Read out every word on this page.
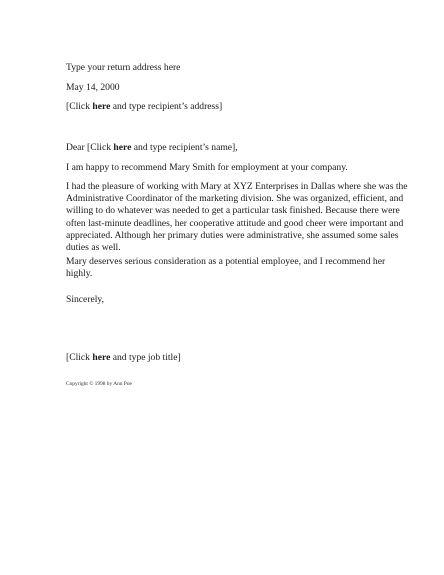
Type your return address here

May 14, 2000

[Click here and type recipient’s address]

Dear [Click here and type recipient’s name],

I am happy to recommend Mary Smith for employment at your company.

I had the pleasure of working with Mary at XYZ Enterprises in Dallas where she was the
Administrative Coordinator of the marketing division. She was organized, efficient, and
willing to do whatever was needed to get a particular task finished. Because there were
often last-minute deadlines, her cooperative attitude and good cheer were important and
appreciated. Although her primary duties were administrative, she assumed some sales
duties as well.

Mary deserves serious consideration as a potential employee, and I recommend her
highly.

Sincerely,

[Click here and type job title]

Copyright © 1998 by Ann Poe
